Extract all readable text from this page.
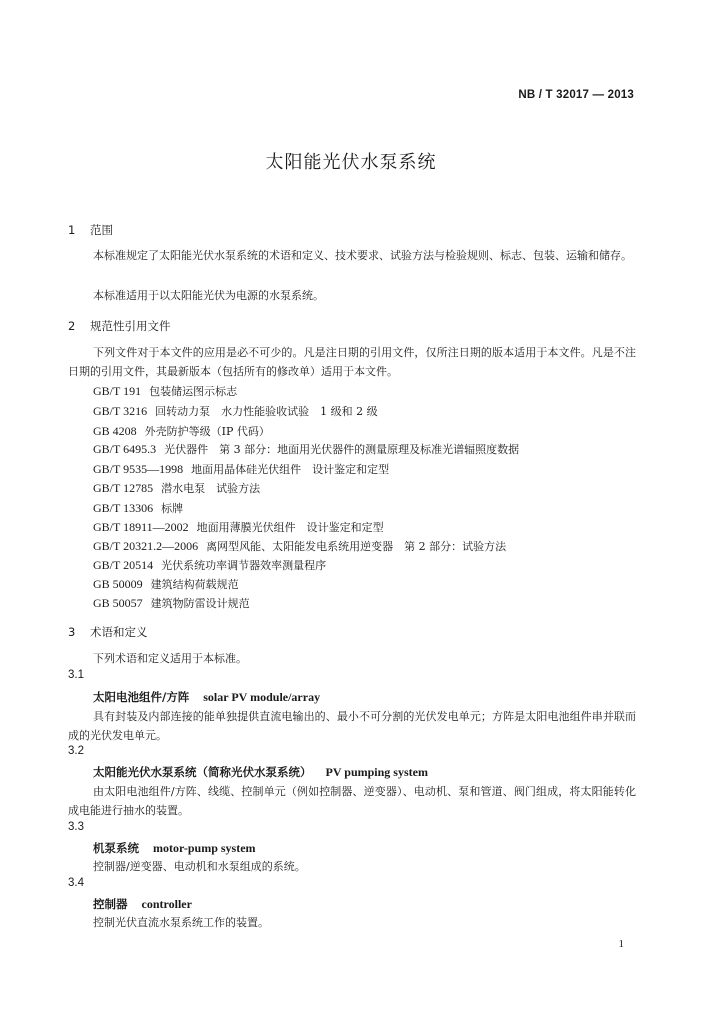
NB / T 32017 — 2013
太阳能光伏水泵系统
1 范围
本标准规定了太阳能光伏水泵系统的术语和定义、技术要求、试验方法与检验规则、标志、包装、运输和储存。
本标准适用于以太阳能光伏为电源的水泵系统。
2 规范性引用文件
下列文件对于本文件的应用是必不可少的。凡是注日期的引用文件，仅所注日期的版本适用于本文件。凡是不注日期的引用文件，其最新版本（包括所有的修改单）适用于本文件。
GB/T 191 包装储运图示标志
GB/T 3216 回转动力泵　水力性能验收试验　1 级和 2 级
GB 4208 外壳防护等级（IP 代码）
GB/T 6495.3 光伏器件　第 3 部分：地面用光伏器件的测量原理及标准光谱辐照度数据
GB/T 9535—1998 地面用晶体硅光伏组件　设计鉴定和定型
GB/T 12785 潜水电泵　试验方法
GB/T 13306 标牌
GB/T 18911—2002 地面用薄膜光伏组件　设计鉴定和定型
GB/T 20321.2—2006 离网型风能、太阳能发电系统用逆变器　第 2 部分：试验方法
GB/T 20514 光伏系统功率调节器效率测量程序
GB 50009 建筑结构荷载规范
GB 50057 建筑物防雷设计规范
3 术语和定义
下列术语和定义适用于本标准。
3.1
太阳电池组件/方阵 solar PV module/array
具有封装及内部连接的能单独提供直流电输出的、最小不可分割的光伏发电单元；方阵是太阳电池组件串并联而成的光伏发电单元。
3.2
太阳能光伏水泵系统（简称光伏水泵系统） PV pumping system
由太阳电池组件/方阵、线缆、控制单元（例如控制器、逆变器）、电动机、泵和管道、阀门组成，将太阳能转化成电能进行抽水的装置。
3.3
机泵系统 motor-pump system
控制器/逆变器、电动机和水泵组成的系统。
3.4
控制器 controller
控制光伏直流水泵系统工作的装置。
1
